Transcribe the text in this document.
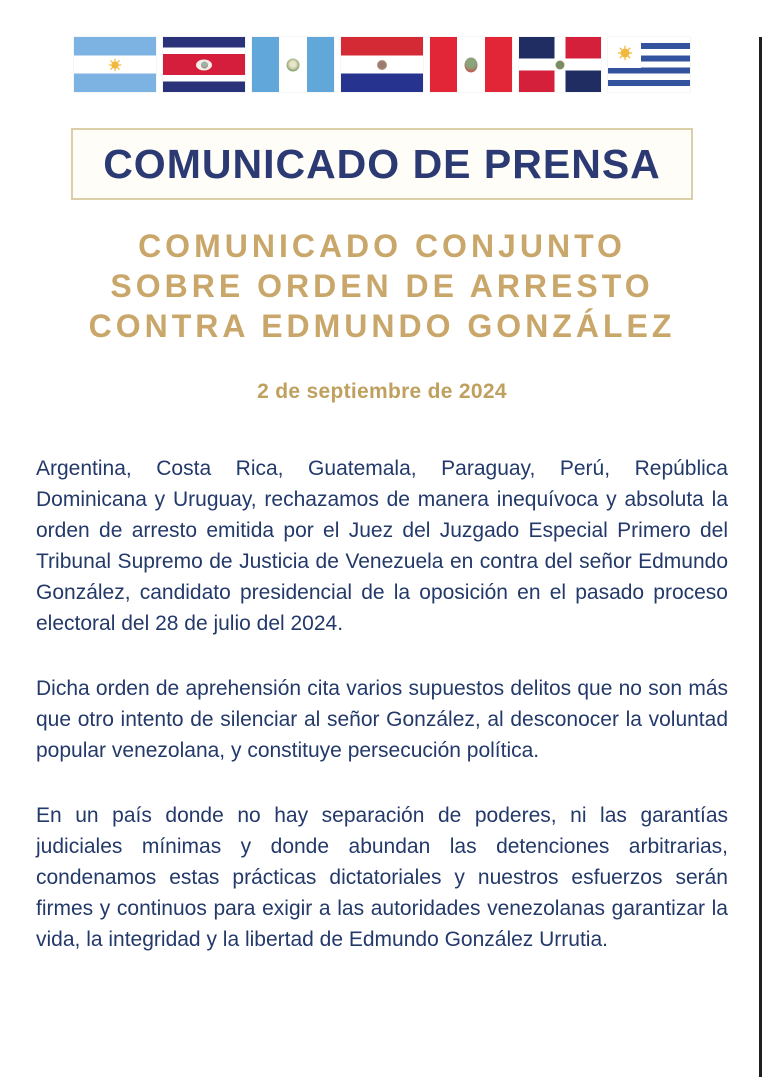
COMUNICADO DE PRENSA
COMUNICADO CONJUNTO
SOBRE ORDEN DE ARRESTO
CONTRA EDMUNDO GONZÁLEZ
2 de septiembre de 2024

Argentina, Costa Rica, Guatemala, Paraguay, Perú, República Dominicana y Uruguay, rechazamos de manera inequívoca y absoluta la orden de arresto emitida por el Juez del Juzgado Especial Primero del Tribunal Supremo de Justicia de Venezuela en contra del señor Edmundo González, candidato presidencial de la oposición en el pasado proceso electoral del 28 de julio del 2024.

Dicha orden de aprehensión cita varios supuestos delitos que no son más que otro intento de silenciar al señor González, al desconocer la voluntad popular venezolana, y constituye persecución política.

En un país donde no hay separación de poderes, ni las garantías judiciales mínimas y donde abundan las detenciones arbitrarias, condenamos estas prácticas dictatoriales y nuestros esfuerzos serán firmes y continuos para exigir a las autoridades venezolanas garantizar la vida, la integridad y la libertad de Edmundo González Urrutia.
